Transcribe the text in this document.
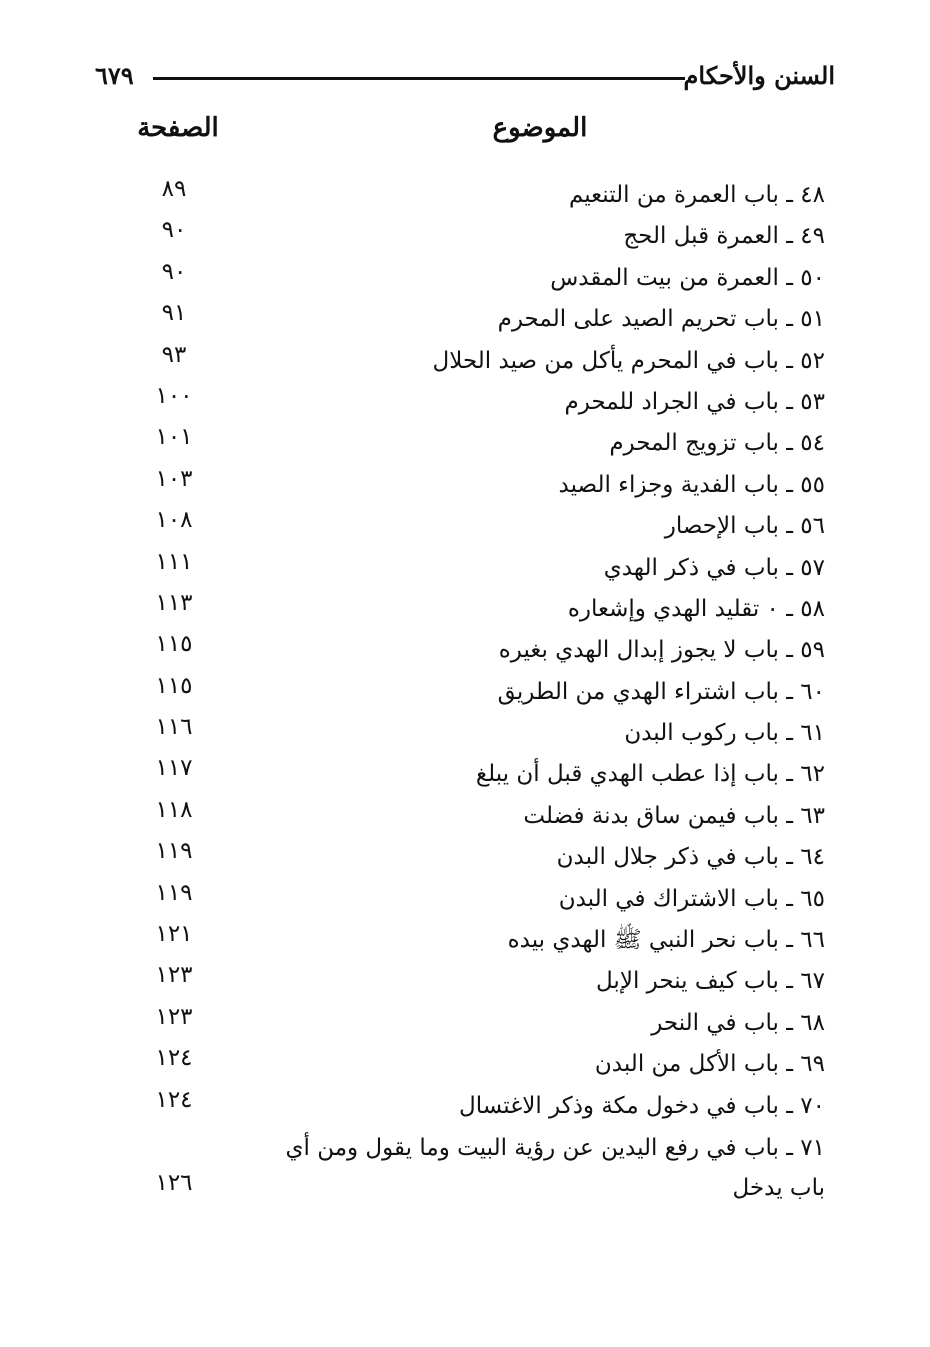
السنن والأحكام
٦٧٩
الموضوع
الصفحة
٤٨ ـ باب العمرة من التنعيم
٨٩
٤٩ ـ العمرة قبل الحج
٩٠
٥٠ ـ العمرة من بيت المقدس
٩٠
٥١ ـ باب تحريم الصيد على المحرم
٩١
٥٢ ـ باب في المحرم يأكل من صيد الحلال
٩٣
٥٣ ـ باب في الجراد للمحرم
١٠٠
٥٤ ـ باب تزويج المحرم
١٠١
٥٥ ـ باب الفدية وجزاء الصيد
١٠٣
٥٦ ـ باب الإحصار
١٠٨
٥٧ ـ باب في ذكر الهدي
١١١
٥٨ ـ ٠ تقليد الهدي وإشعاره
١١٣
٥٩ ـ باب لا يجوز إبدال الهدي بغيره
١١٥
٦٠ ـ باب اشتراء الهدي من الطريق
١١٥
٦١ ـ باب ركوب البدن
١١٦
٦٢ ـ باب إذا عطب الهدي قبل أن يبلغ
١١٧
٦٣ ـ باب فيمن ساق بدنة فضلت
١١٨
٦٤ ـ باب في ذكر جلال البدن
١١٩
٦٥ ـ باب الاشتراك في البدن
١١٩
٦٦ ـ باب نحر النبي ﷺ الهدي بيده
١٢١
٦٧ ـ باب كيف ينحر الإبل
١٢٣
٦٨ ـ باب في النحر
١٢٣
٦٩ ـ باب الأكل من البدن
١٢٤
٧٠ ـ باب في دخول مكة وذكر الاغتسال
١٢٤
٧١ ـ باب في رفع اليدين عن رؤية البيت وما يقول ومن أي باب يدخل
١٢٦
